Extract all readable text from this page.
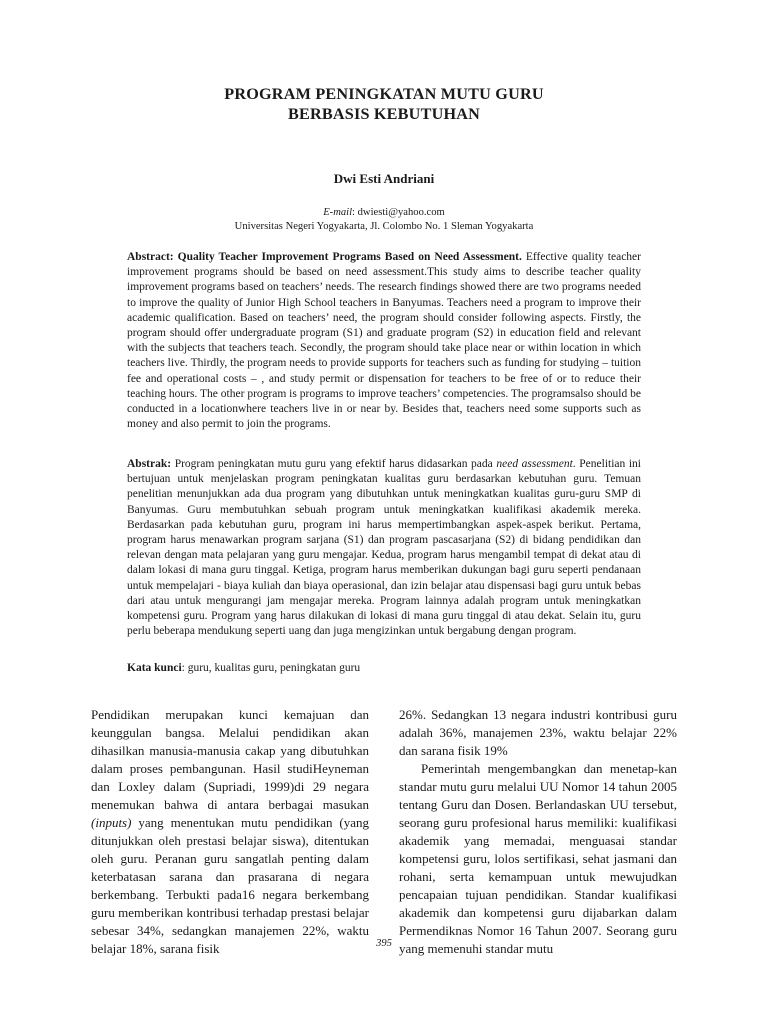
PROGRAM PENINGKATAN MUTU GURU
BERBASIS KEBUTUHAN
Dwi Esti Andriani
E-mail: dwiesti@yahoo.com
Universitas Negeri Yogyakarta, Jl. Colombo No. 1 Sleman Yogyakarta
Abstract: Quality Teacher Improvement Programs Based on Need Assessment. Effective quality teacher improvement programs should be based on need assessment.This study aims to describe teacher quality improvement programs based on teachers’ needs. The research findings showed there are two programs needed to improve the quality of Junior High School teachers in Banyumas. Teachers need a program to improve their academic qualification. Based on teachers’ need, the program should consider following aspects. Firstly, the program should offer undergraduate program (S1) and graduate program (S2) in education field and relevant with the subjects that teachers teach. Secondly, the program should take place near or within location in which teachers live. Thirdly, the program needs to provide supports for teachers such as funding for studying – tuition fee and operational costs – , and study permit or dispensation for teachers to be free of or to reduce their teaching hours. The other program is programs to improve teachers’ competencies. The programsalso should be conducted in a locationwhere teachers live in or near by. Besides that, teachers need some supports such as money and also permit to join the programs.
Abstrak: Program peningkatan mutu guru yang efektif harus didasarkan pada need assessment. Penelitian ini bertujuan untuk menjelaskan program peningkatan kualitas guru berdasarkan kebutuhan guru. Temuan penelitian menunjukkan ada dua program yang dibutuhkan untuk meningkatkan kualitas guru-guru SMP di Banyumas. Guru membutuhkan sebuah program untuk meningkatkan kualifikasi akademik mereka. Berdasarkan pada kebutuhan guru, program ini harus mempertimbangkan aspek-aspek berikut. Pertama, program harus menawarkan program sarjana (S1) dan program pascasarjana (S2) di bidang pendidikan dan relevan dengan mata pelajaran yang guru mengajar. Kedua, program harus mengambil tempat di dekat atau di dalam lokasi di mana guru tinggal. Ketiga, program harus memberikan dukungan bagi guru seperti pendanaan untuk mempelajari - biaya kuliah dan biaya operasional, dan izin belajar atau dispensasi bagi guru untuk bebas dari atau untuk mengurangi jam mengajar mereka. Program lainnya adalah program untuk meningkatkan kompetensi guru. Program yang harus dilakukan di lokasi di mana guru tinggal di atau dekat. Selain itu, guru perlu beberapa mendukung seperti uang dan juga mengizinkan untuk bergabung dengan program.
Kata kunci: guru, kualitas guru, peningkatan guru

Pendidikan merupakan kunci kemajuan dan keunggulan bangsa. Melalui pendidikan akan dihasilkan manusia-manusia cakap yang dibutuhkan dalam proses pembangunan. Hasil studiHeyneman dan Loxley dalam (Supriadi, 1999)di 29 negara menemukan bahwa di antara berbagai masukan (inputs) yang menentukan mutu pendidikan (yang ditunjukkan oleh prestasi belajar siswa), ditentukan oleh guru. Peranan guru sangatlah penting dalam keterbatasan sarana dan prasarana di negara berkembang. Terbukti pada16 negara berkembang guru memberikan kontribusi terhadap prestasi belajar sebesar 34%, sedangkan manajemen 22%, waktu belajar 18%, sarana fisik

26%. Sedangkan 13 negara industri kontribusi guru adalah 36%, manajemen 23%, waktu belajar 22% dan sarana fisik 19%

Pemerintah mengembangkan dan menetap-kan standar mutu guru melalui UU Nomor 14 tahun 2005 tentang Guru dan Dosen. Berlandaskan UU tersebut, seorang guru profesional harus memiliki: kualifikasi akademik yang memadai, menguasai standar kompetensi guru, lolos sertifikasi, sehat jasmani dan rohani, serta kemampuan untuk mewujudkan pencapaian tujuan pendidikan. Standar kualifikasi akademik dan kompetensi guru dijabarkan dalam Permendiknas Nomor 16 Tahun 2007. Seorang guru yang memenuhi standar mutu

395
